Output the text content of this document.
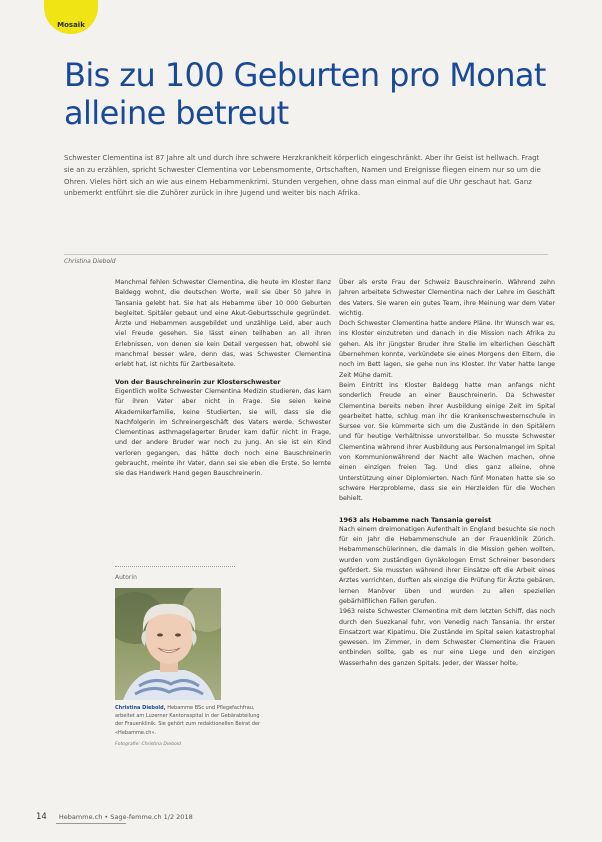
Mosaik
Bis zu 100 Geburten pro Monat alleine betreut

Schwester Clementina ist 87 Jahre alt und durch ihre schwere Herzkrankheit körperlich eingeschränkt. Aber ihr Geist ist hellwach. Fragt sie an zu erzählen, spricht Schwester Clementina vor Lebensmomente, Ortschaften, Namen und Ereignisse fliegen einem nur so um die Ohren. Vieles hört sich an wie aus einem Hebammenkrimi. Stunden vergehen, ohne dass man einmal auf die Uhr geschaut hat. Ganz unbemerkt entführt sie die Zuhörer zurück in ihre Jugend und weiter bis nach Afrika.

Christina Diebold

Manchmal fehlen Schwester Clementina, die heute im Kloster Ilanz Baldegg wohnt, die deutschen Worte, weil sie über 50 Jahre in Tansania gelebt hat. Sie hat als Hebamme über 10 000 Geburten begleitet. Spitäler gebaut und eine Akut-Geburtsschule gegründet. Ärzte und Hebammen ausgebildet und unzählige Leid, aber auch viel Freude gesehen. Sie lässt einen teilhaben an all ihren Erlebnissen, von denen sie kein Detail vergessen hat, obwohl sie manchmal besser wäre, denn das, was Schwester Clementina erlebt hat, ist nichts für Zartbesaitete.

Von der Bauschreinerin zur Klosterschwester

Eigentlich wollte Schwester Clementina Medizin studieren, das kam für ihren Vater aber nicht in Frage. Sie seien keine Akademikerfamilie, keine Studierten, sie will, dass sie die Nachfolgerin im Schreinergeschäft des Vaters werde. Schwester Clementinas asthmagelagerter Bruder kam dafür nicht in Frage, und der andere Bruder war noch zu jung. An sie ist ein Kind verloren gegangen, das hätte doch noch eine Bauschreinerin gebraucht, meinte ihr Vater, dann sei sie eben die Erste. So lernte sie das Handwerk Hand gegen Bauschreinerin.

Autorin
Christina Diebold, Hebamme BSc und Pflegefachfrau, arbeitet am Luzerner Kantonsspital in der Gebärabteilung der Frauenklinik. Sie gehört zum redaktionellen Beirat der «Hebamme.ch».
Fotografie: Christina Diebold

Über als erste Frau der Schweiz Bauschreinerin. Während zehn Jahren arbeitete Schwester Clementina nach der Lehre im Geschäft des Vaters. Sie waren ein gutes Team, ihre Meinung war dem Vater wichtig.

Doch Schwester Clementina hatte andere Pläne. Ihr Wunsch war es, ins Kloster einzutreten und danach in die Mission nach Afrika zu gehen. Als ihr jüngster Bruder ihre Stelle im elterlichen Geschäft übernehmen konnte, verkündete sie eines Morgens den Eltern, die noch im Bett lagen, sie gehe nun ins Kloster. Ihr Vater hatte lange Zeit Mühe damit.

Beim Eintritt ins Kloster Baldegg hatte man anfangs nicht sonderlich Freude an einer Bauschreinerin. Da Schwester Clementina bereits neben ihrer Ausbildung einige Zeit im Spital gearbeitet hatte, schlug man ihr die Krankenschwesternschule in Sursee vor. Sie kümmerte sich um die Zustände in den Spitälern und für heutige Verhältnisse unvorstellbar. So musste Schwester Clementina während ihrer Ausbildung aus Personalmangel im Spital von Kommunionwährend der Nacht alle Wachen machen, ohne einen einzigen freien Tag. Und dies ganz alleine, ohne Unterstützung einer Diplomierten. Nach fünf Monaten hatte sie so schwere Herzprobleme, dass sie ein Herzleiden für die Wochen behielt.

1963 als Hebamme nach Tansania gereist

Nach einem dreimonatigen Aufenthalt in England besuchte sie noch für ein Jahr die Hebammenschule an der Frauenklinik Zürich. Hebammenschülerinnen, die damals in die Mission gehen wollten, wurden vom zuständigen Gynäkologen Ernst Schreiner besonders gefördert. Sie mussten während ihrer Einsätze oft die Arbeit eines Arztes verrichten, durften als einzige die Prüfung für Ärzte gebären, lernen Manöver üben und wurden zu allen speziellen gebärhilfilichen Fällen gerufen.

1963 reiste Schwester Clementina mit dem letzten Schiff, das noch durch den Suezkanal fuhr, von Venedig nach Tansania. Ihr erster Einsatzort war Kipatimu. Die Zustände im Spital seien katastrophal gewesen. Im Zimmer, in dem Schwester Clementina die Frauen entbinden sollte, gab es nur eine Liege und den einzigen Wasserhahn des ganzen Spitals. Jeder, der Wasser holte,

14 Hebamme.ch • Sage-femme.ch 1/2 2018
